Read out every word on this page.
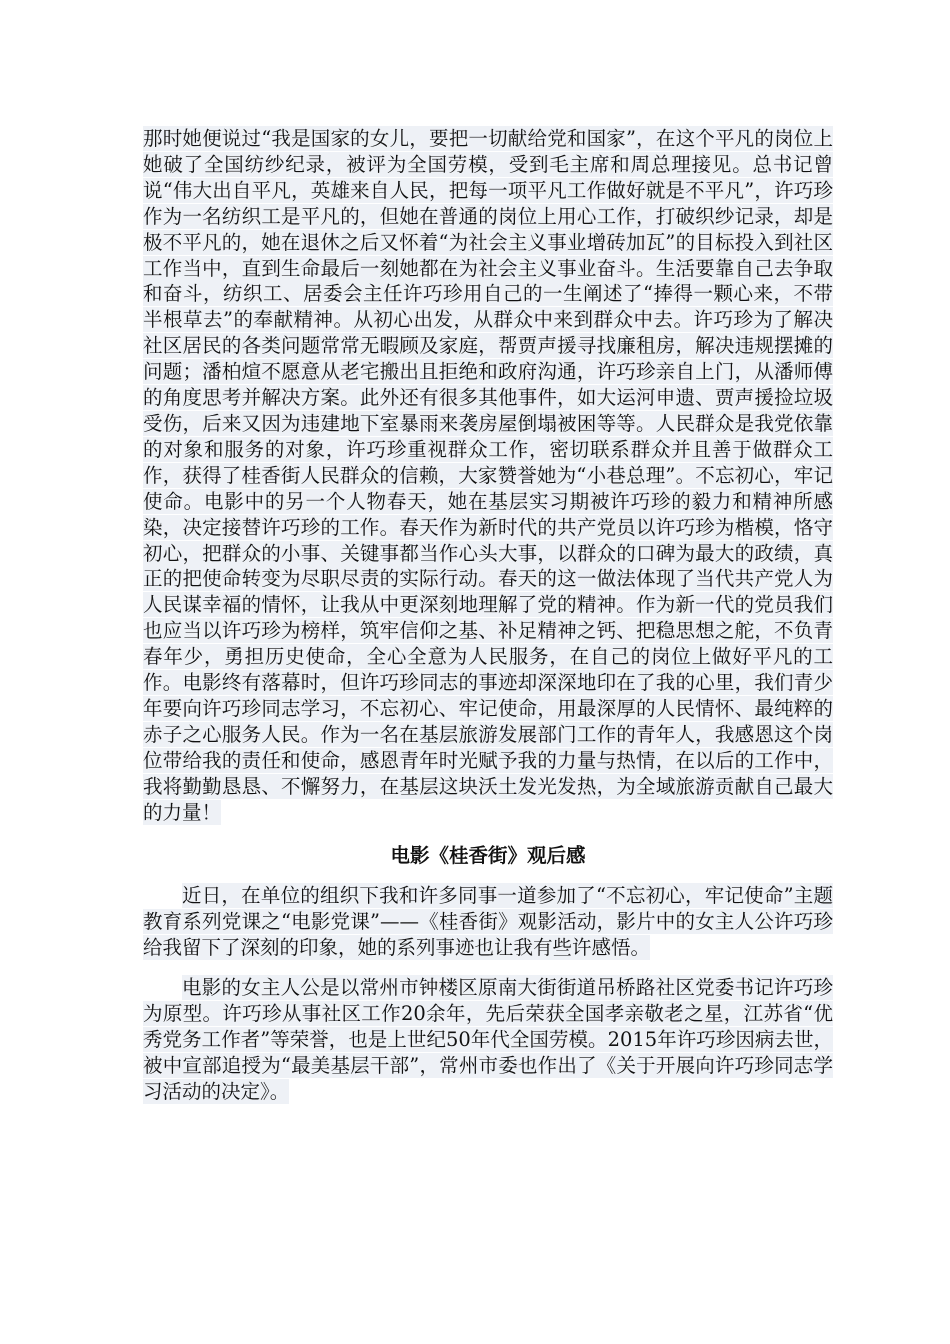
那时她便说过“我是国家的女儿，要把一切献给党和国家”，在这个平凡的岗位上她破了全国纺纱纪录，被评为全国劳模，受到毛主席和周总理接见。总书记曾说“伟大出自平凡，英雄来自人民，把每一项平凡工作做好就是不平凡”，许巧珍作为一名纺织工是平凡的，但她在普通的岗位上用心工作，打破织纱记录，却是极不平凡的，她在退休之后又怀着“为社会主义事业增砖加瓦”的目标投入到社区工作当中，直到生命最后一刻她都在为社会主义事业奋斗。生活要靠自己去争取和奋斗，纺织工、居委会主任许巧珍用自己的一生阐述了“捧得一颗心来，不带半根草去”的奉献精神。从初心出发，从群众中来到群众中去。许巧珍为了解决社区居民的各类问题常常无暇顾及家庭，帮贾声援寻找廉租房，解决违规摆摊的问题；潘柏煊不愿意从老宅搬出且拒绝和政府沟通，许巧珍亲自上门，从潘师傅的角度思考并解决方案。此外还有很多其他事件，如大运河申遗、贾声援捡垃圾受伤，后来又因为违建地下室暴雨来袭房屋倒塌被困等等。人民群众是我党依靠的对象和服务的对象，许巧珍重视群众工作，密切联系群众并且善于做群众工作，获得了桂香街人民群众的信赖，大家赞誉她为“小巷总理”。不忘初心，牢记使命。电影中的另一个人物春天，她在基层实习期被许巧珍的毅力和精神所感染，决定接替许巧珍的工作。春天作为新时代的共产党员以许巧珍为楷模，恪守初心，把群众的小事、关键事都当作心头大事，以群众的口碑为最大的政绩，真正的把使命转变为尽职尽责的实际行动。春天的这一做法体现了当代共产党人为人民谋幸福的情怀，让我从中更深刻地理解了党的精神。作为新一代的党员我们也应当以许巧珍为榜样，筑牢信仰之基、补足精神之钙、把稳思想之舵，不负青春年少，勇担历史使命，全心全意为人民服务，在自己的岗位上做好平凡的工作。电影终有落幕时，但许巧珍同志的事迹却深深地印在了我的心里，我们青少年要向许巧珍同志学习，不忘初心、牢记使命，用最深厚的人民情怀、最纯粹的赤子之心服务人民。作为一名在基层旅游发展部门工作的青年人，我感恩这个岗位带给我的责任和使命，感恩青年时光赋予我的力量与热情，在以后的工作中，我将勤勤恳恳、不懈努力，在基层这块沃土发光发热，为全域旅游贡献自己最大的力量！

电影《桂香街》观后感

近日，在单位的组织下我和许多同事一道参加了“不忘初心，牢记使命”主题教育系列党课之“电影党课”——《桂香街》观影活动，影片中的女主人公许巧珍给我留下了深刻的印象，她的系列事迹也让我有些许感悟。

电影的女主人公是以常州市钟楼区原南大街街道吊桥路社区党委书记许巧珍为原型。许巧珍从事社区工作20余年，先后荣获全国孝亲敬老之星，江苏省“优秀党务工作者”等荣誉，也是上世纪50年代全国劳模。2015年许巧珍因病去世，被中宣部追授为“最美基层干部”，常州市委也作出了《关于开展向许巧珍同志学习活动的决定》。
